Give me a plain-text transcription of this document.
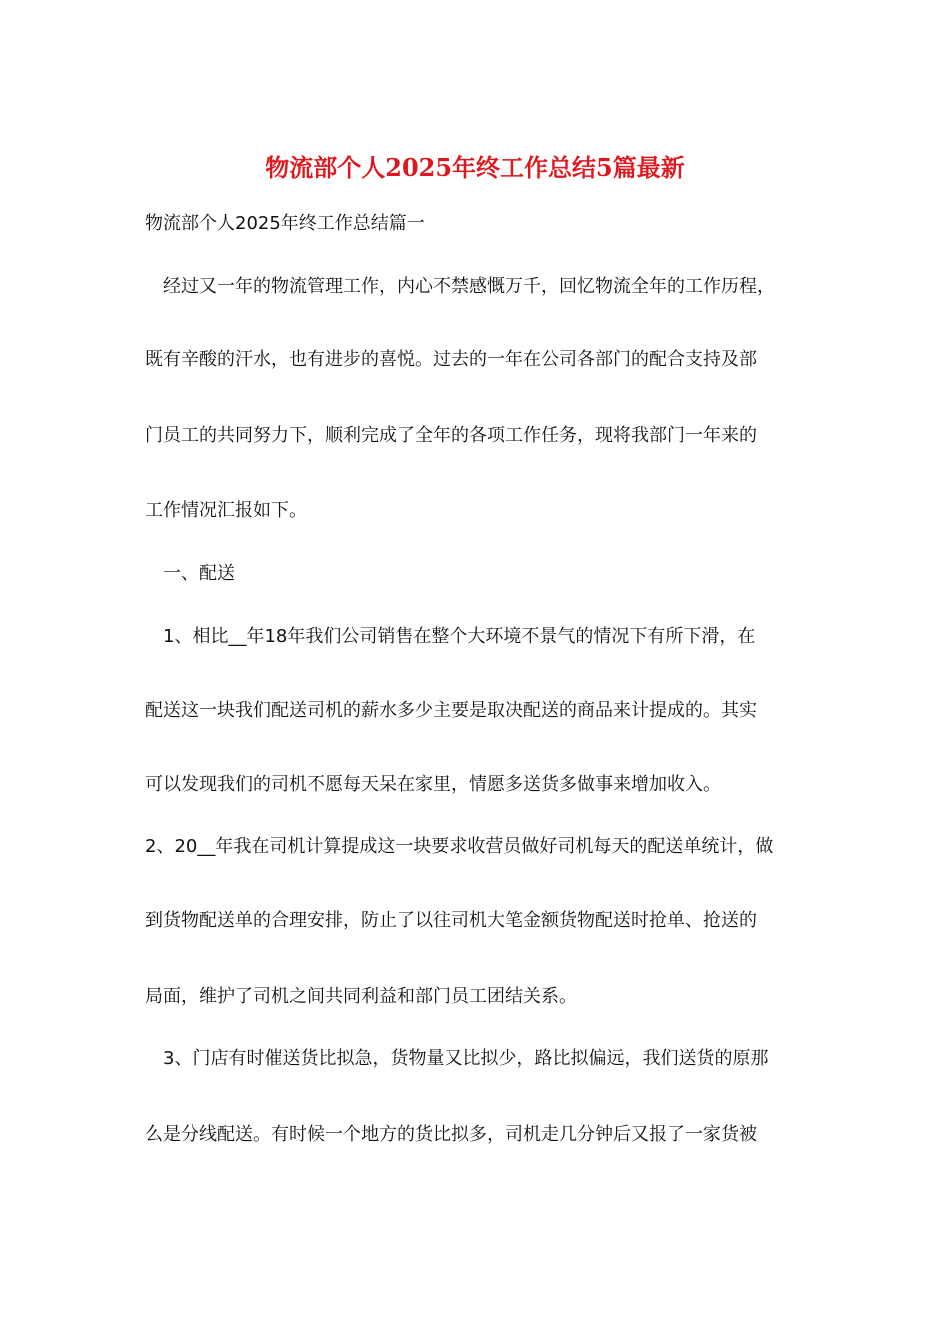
物流部个人2025年终工作总结5篇最新

物流部个人2025年终工作总结篇一

　经过又一年的物流管理工作，内心不禁感慨万千，回忆物流全年的工作历程，

既有辛酸的汗水，也有进步的喜悦。过去的一年在公司各部门的配合支持及部

门员工的共同努力下，顺利完成了全年的各项工作任务，现将我部门一年来的

工作情况汇报如下。

　一、配送

　1、相比__年18年我们公司销售在整个大环境不景气的情况下有所下滑，在

配送这一块我们配送司机的薪水多少主要是取决配送的商品来计提成的。其实

可以发现我们的司机不愿每天呆在家里，情愿多送货多做事来增加收入。

2、20__年我在司机计算提成这一块要求收营员做好司机每天的配送单统计，做

到货物配送单的合理安排，防止了以往司机大笔金额货物配送时抢单、抢送的

局面，维护了司机之间共同利益和部门员工团结关系。

　3、门店有时催送货比拟急，货物量又比拟少，路比拟偏远，我们送货的原那

么是分线配送。有时候一个地方的货比拟多，司机走几分钟后又报了一家货被
